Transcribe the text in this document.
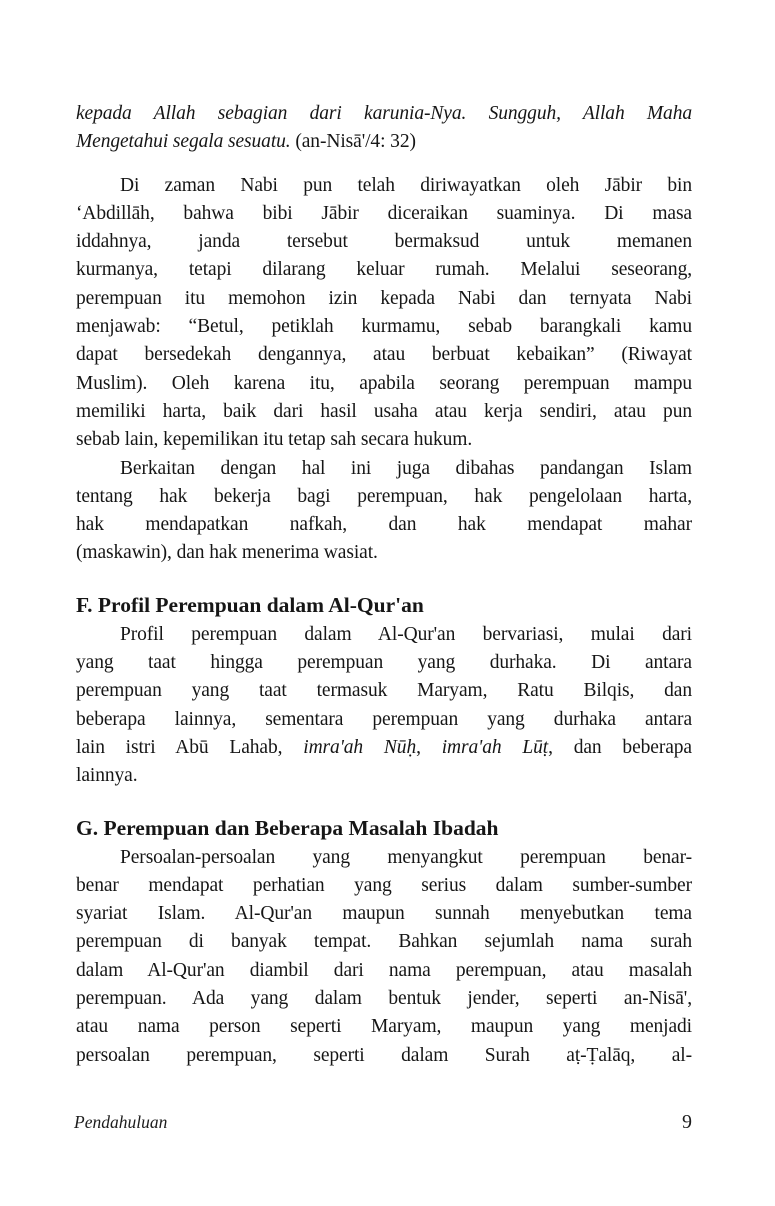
kepada Allah sebagian dari karunia-Nya. Sungguh, Allah Maha
Mengetahui segala sesuatu. (an-Nisā'/4: 32)
Di zaman Nabi pun telah diriwayatkan oleh Jābir bin
‘Abdillāh, bahwa bibi Jābir diceraikan suaminya. Di masa
iddahnya, janda tersebut bermaksud untuk memanen
kurmanya, tetapi dilarang keluar rumah. Melalui seseorang,
perempuan itu memohon izin kepada Nabi dan ternyata Nabi
menjawab: “Betul, petiklah kurmamu, sebab barangkali kamu
dapat bersedekah dengannya, atau berbuat kebaikan” (Riwayat
Muslim). Oleh karena itu, apabila seorang perempuan mampu
memiliki harta, baik dari hasil usaha atau kerja sendiri, atau pun
sebab lain, kepemilikan itu tetap sah secara hukum.
Berkaitan dengan hal ini juga dibahas pandangan Islam
tentang hak bekerja bagi perempuan, hak pengelolaan harta,
hak mendapatkan nafkah, dan hak mendapat mahar
(maskawin), dan hak menerima wasiat.
F. Profil Perempuan dalam Al-Qur'an
Profil perempuan dalam Al-Qur'an bervariasi, mulai dari
yang taat hingga perempuan yang durhaka. Di antara
perempuan yang taat termasuk Maryam, Ratu Bilqis, dan
beberapa lainnya, sementara perempuan yang durhaka antara
lain istri Abū Lahab, imra'ah Nūḥ, imra'ah Lūṭ, dan beberapa
lainnya.
G. Perempuan dan Beberapa Masalah Ibadah
Persoalan-persoalan yang menyangkut perempuan benar-
benar mendapat perhatian yang serius dalam sumber-sumber
syariat Islam. Al-Qur'an maupun sunnah menyebutkan tema
perempuan di banyak tempat. Bahkan sejumlah nama surah
dalam Al-Qur'an diambil dari nama perempuan, atau masalah
perempuan. Ada yang dalam bentuk jender, seperti an-Nisā',
atau nama person seperti Maryam, maupun yang menjadi
persoalan perempuan, seperti dalam Surah aṭ-Ṭalāq, al-
Pendahuluan	9
